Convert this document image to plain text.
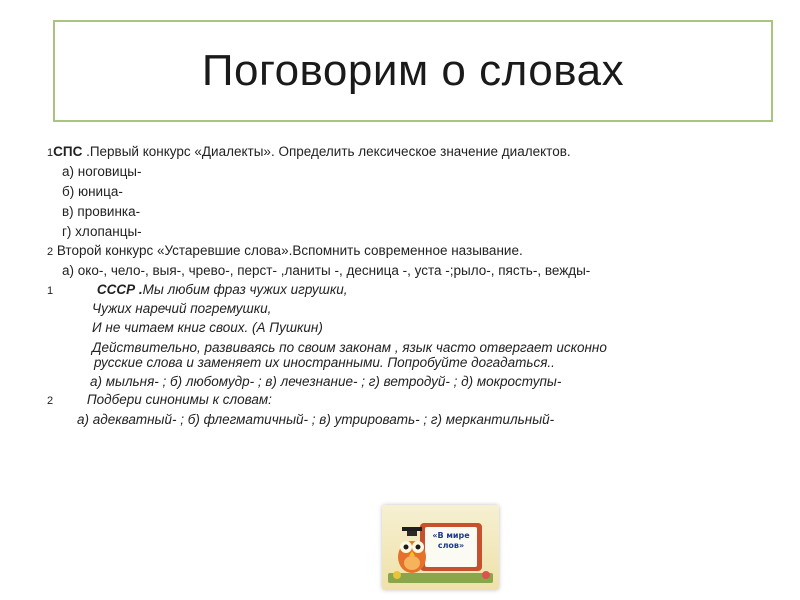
Поговорим о словах
1СПС .Первый конкурс «Диалекты». Определить лексическое значение диалектов.
а) ноговицы-
б) юница-
в) провинка-
г) хлопанцы-
2 Второй конкурс «Устаревшие слова».Вспомнить современное называние.
а) око-, чело-, выя-, чрево-, перст- ,ланиты -, десница -, уста -;рыло-, пясть-, вежды-
1	СССР .Мы любим фраз чужих игрушки,
Чужих наречий погремушки,
И не читаем книг своих. (А Пушкин)
Действительно, развиваясь по своим законам , язык часто отвергает исконно
русские слова и заменяет их иностранными. Попробуйте догадаться..
а) мыльня- ; б) любомудр- ; в) лечезнание- ; г) ветродуй- ; д) мокроступы-
2	Подбери синонимы к словам:
а) адекватный- ; б) флегматичный- ; в) утрировать- ; г) меркантильный-
«В мире
слов»
